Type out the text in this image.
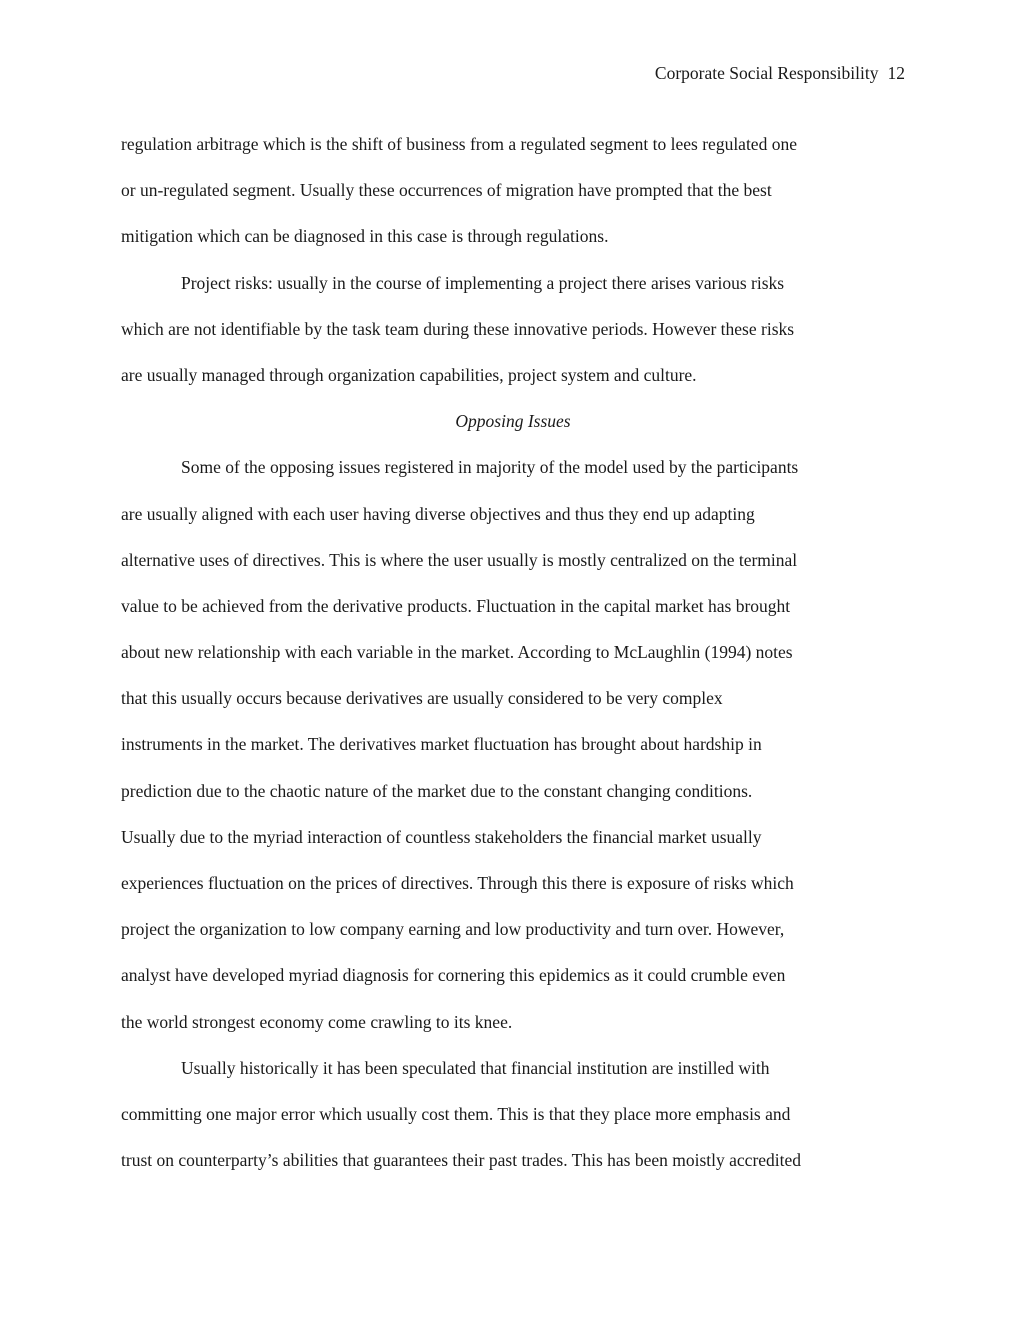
Corporate Social Responsibility 12
regulation arbitrage which is the shift of business from a regulated segment to lees regulated one
or un-regulated segment. Usually these occurrences of migration have prompted that the best
mitigation which can be diagnosed in this case is through regulations.
Project risks: usually in the course of implementing a project there arises various risks
which are not identifiable by the task team during these innovative periods. However these risks
are usually managed through organization capabilities, project system and culture.
Opposing Issues
Some of the opposing issues registered in majority of the model used by the participants
are usually aligned with each user having diverse objectives and thus they end up adapting
alternative uses of directives. This is where the user usually is mostly centralized on the terminal
value to be achieved from the derivative products. Fluctuation in the capital market has brought
about new relationship with each variable in the market. According to McLaughlin (1994) notes
that this usually occurs because derivatives are usually considered to be very complex
instruments in the market. The derivatives market fluctuation has brought about hardship in
prediction due to the chaotic nature of the market due to the constant changing conditions.
Usually due to the myriad interaction of countless stakeholders the financial market usually
experiences fluctuation on the prices of directives. Through this there is exposure of risks which
project the organization to low company earning and low productivity and turn over. However,
analyst have developed myriad diagnosis for cornering this epidemics as it could crumble even
the world strongest economy come crawling to its knee.
Usually historically it has been speculated that financial institution are instilled with
committing one major error which usually cost them. This is that they place more emphasis and
trust on counterparty’s abilities that guarantees their past trades. This has been moistly accredited
